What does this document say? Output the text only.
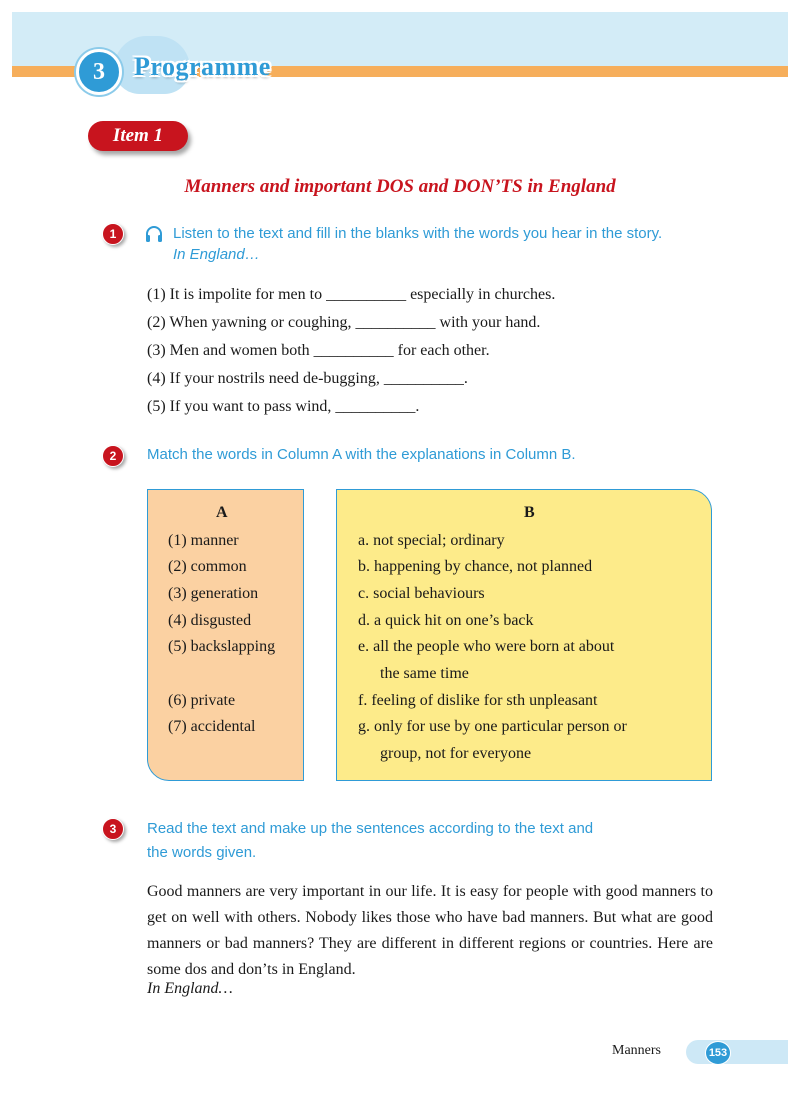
3	Programme
Item 1
Manners and important DOS and DON’TS in England
1	Listen to the text and fill in the blanks with the words you hear in the story.
In England…
(1) It is impolite for men to __________ especially in churches.
(2) When yawning or coughing, __________ with your hand.
(3) Men and women both __________ for each other.
(4) If your nostrils need de-bugging, __________.
(5) If you want to pass wind, __________.
2	Match the words in Column A with the explanations in Column B.
A
(1) manner
(2) common
(3) generation
(4) disgusted
(5) backslapping
(6) private
(7) accidental
B
a. not special; ordinary
b. happening by chance, not planned
c. social behaviours
d. a quick hit on one’s back
e. all the people who were born at about
the same time
f. feeling of dislike for sth unpleasant
g. only for use by one particular person or
group, not for everyone
3	Read the text and make up the sentences according to the text and
the words given.
Good manners are very important in our life. It is easy for people with good manners to get on well with others. Nobody likes those who have bad manners. But what are good manners or bad manners? They are different in different regions or countries. Here are some dos and don’ts in England.
In England…
Manners	153
